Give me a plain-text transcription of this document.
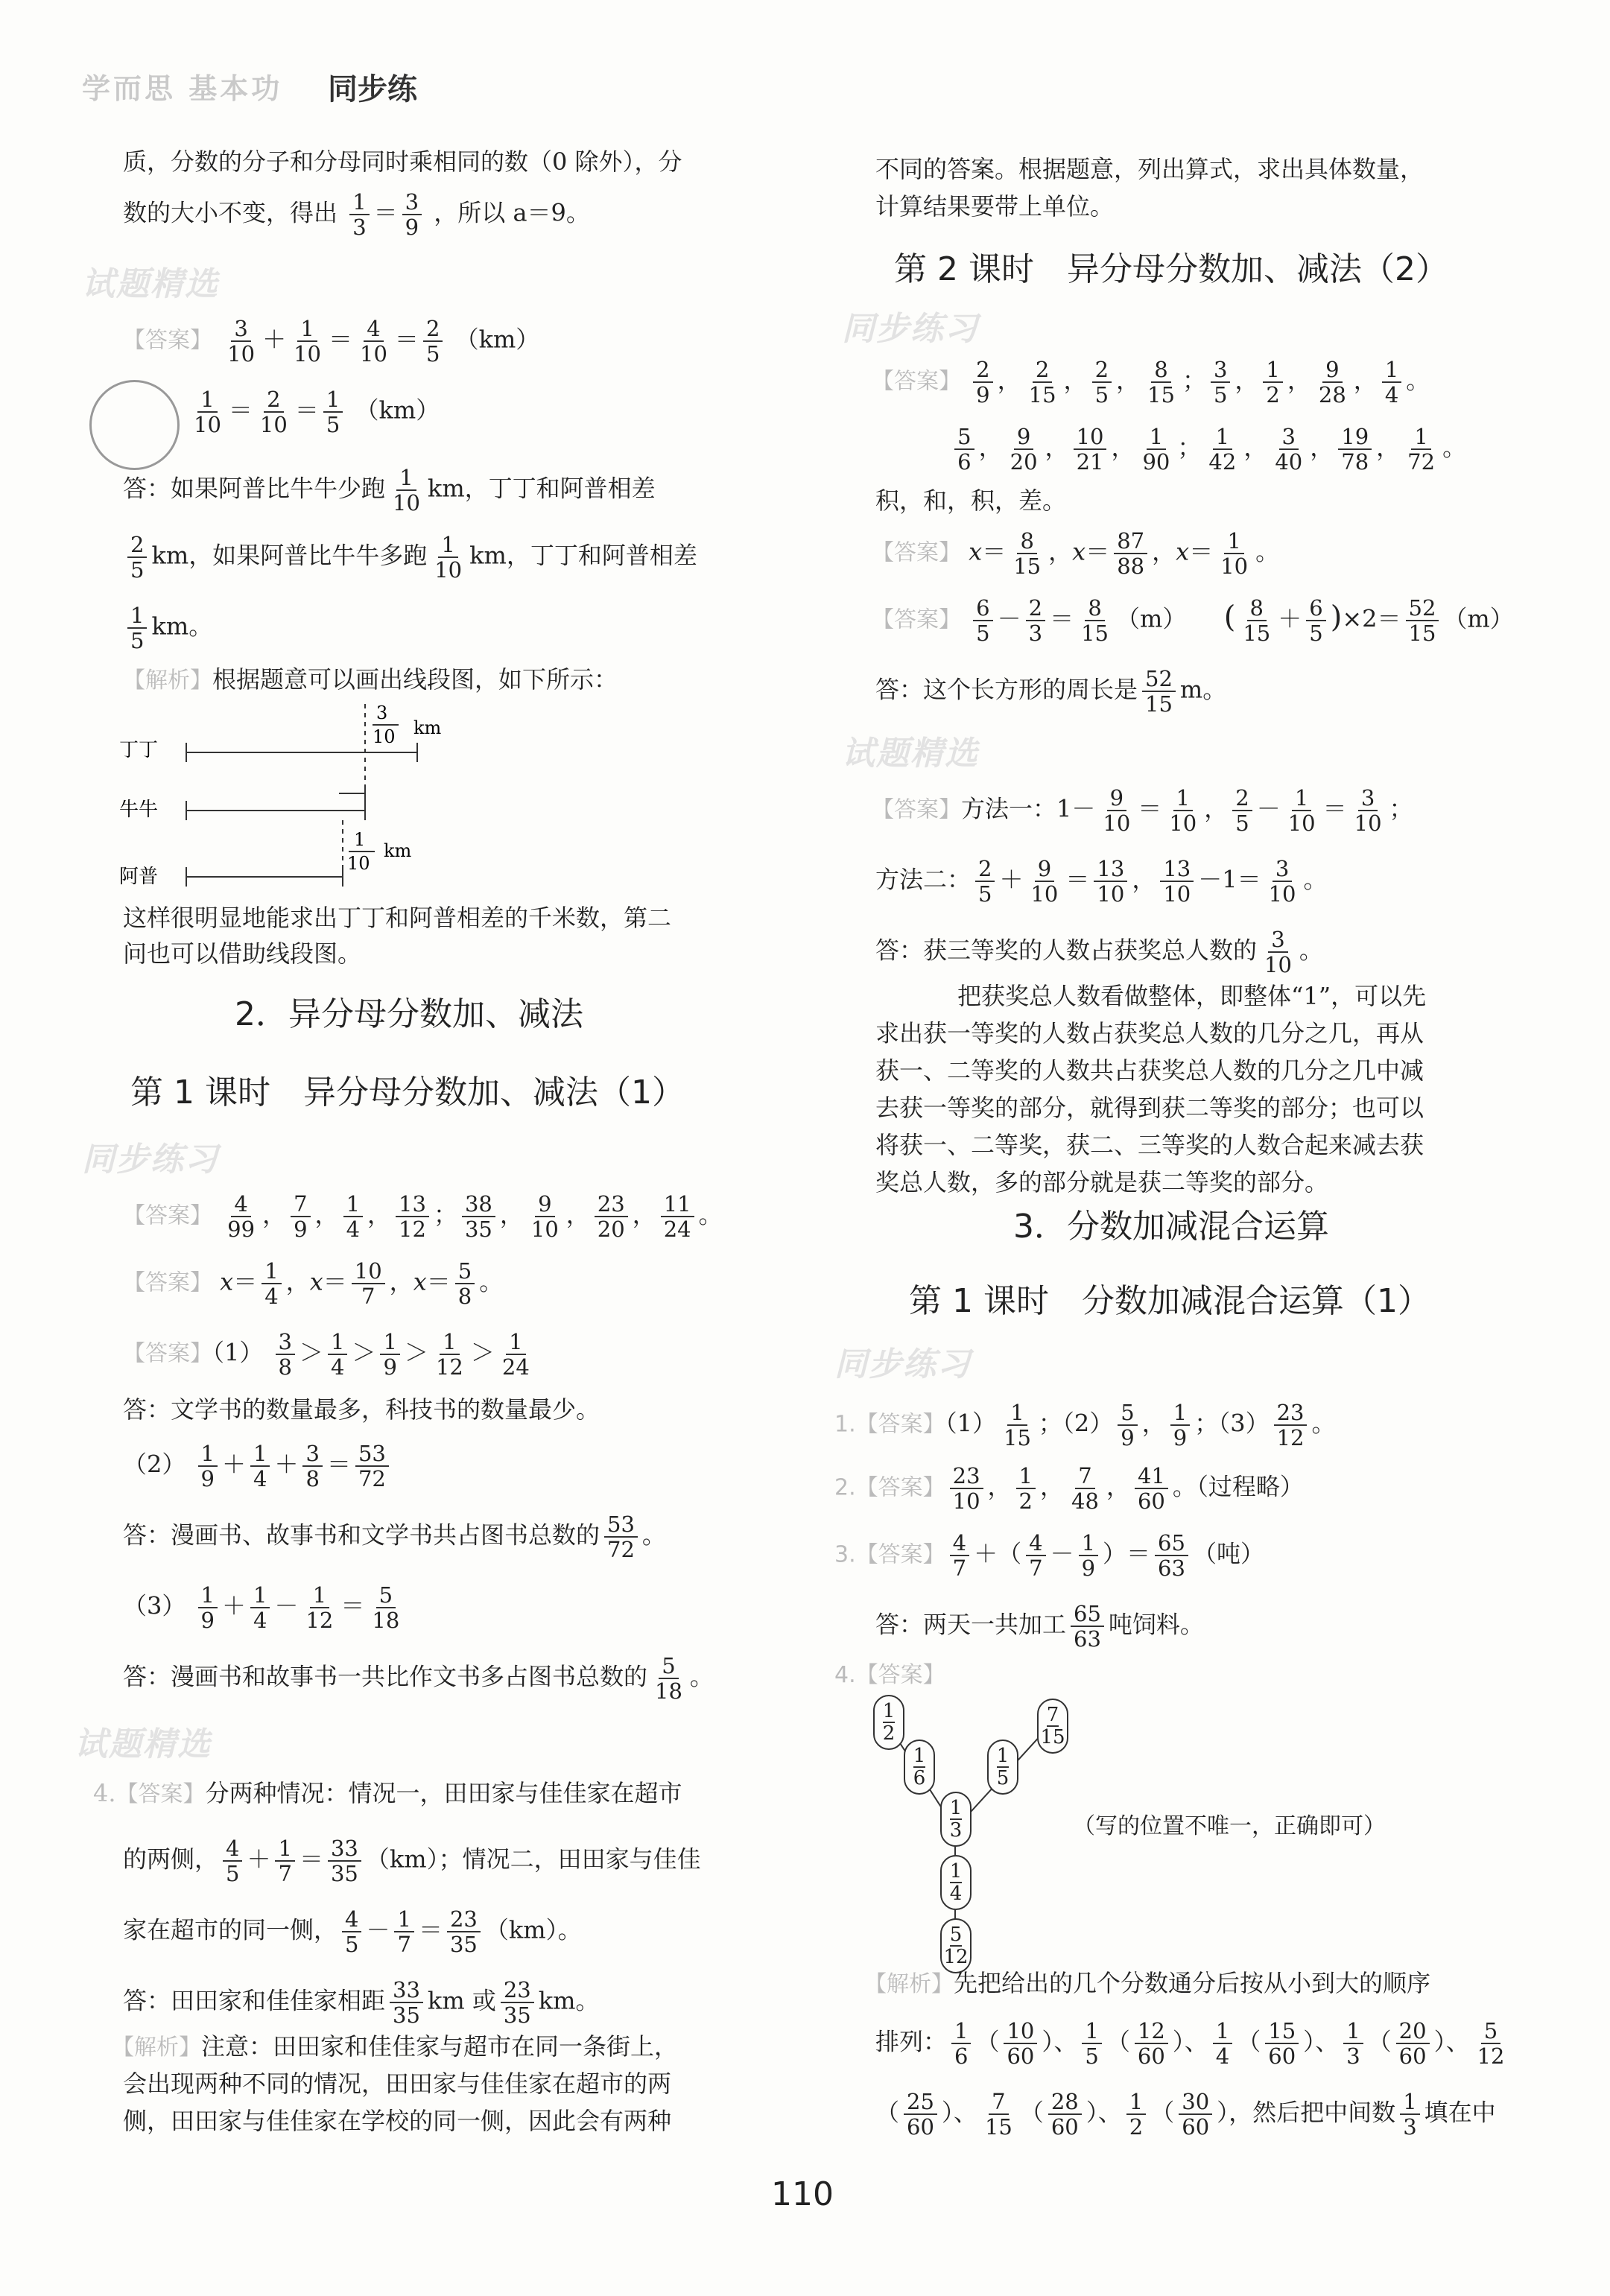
学而思 基本功 同步练
质，分数的分子和分母同时乘相同的数（0 除外），分
数的大小不变，得出 $\frac{1}{3} = \frac{3}{9}$ ，所以 a＝9。
试题精选
【答案】 $\frac{3}{10} + \frac{1}{10} = \frac{4}{10} = \frac{2}{5} (km)$
$\frac{1}{10} = \frac{2}{10} = \frac{1}{5} (km)$
答：如果阿普比牛牛少跑 $\frac{1}{10}$ km，丁丁和阿普相差
$\frac{2}{5}$ km，如果阿普比牛牛多跑 $\frac{1}{10}$ km，丁丁和阿普相差
$\frac{1}{5}$ km。
【解析】根据题意可以画出线段图，如下所示：
丁丁
牛牛
阿普
3
10 km
1
10
km
这样很明显地能求出丁丁和阿普相差的千米数，第二
问也可以借助线段图。
2．异分母分数加、减法
第 1 课时　异分母分数加、减法（1）
同步练习
【答案】 $\frac{4}{99}$ ， $\frac{7}{9}$ ， $\frac{1}{4}$ ， $\frac{13}{12}$ ； $\frac{38}{35}$ ， $\frac{9}{10}$ ， $\frac{23}{20}$ ， $\frac{11}{24}$ 。
【答案】 $x= \frac{1}{4}$ ，$x= \frac{10}{7}$ ，$x= \frac{5}{8}$ 。
【答案】$(1) \frac{3}{8} > \frac{1}{4} > \frac{1}{9} > \frac{1}{12} > \frac{1}{24}$
答：文学书的数量最多，科技书的数量最少。
$(2) \frac{1}{9} + \frac{1}{4} + \frac{3}{8} = \frac{53}{72}$
答：漫画书、故事书和文学书共占图书总数的 $\frac{53}{72}$ 。
$(3) \frac{1}{9} + \frac{1}{4} - \frac{1}{12} = \frac{5}{18}$
答：漫画书和故事书一共比作文书多占图书总数的 $\frac{5}{18}$ 。
试题精选
4.【答案】分两种情况：情况一，田田家与佳佳家在超市
的两侧， $\frac{4}{5} + \frac{1}{7} = \frac{33}{35} (km)$；情况二，田田家与佳佳
家在超市的同一侧， $\frac{4}{5} - \frac{1}{7} = \frac{23}{35} (km)$。
答：田田家和佳佳家相距 $\frac{33}{35}$ km 或 $\frac{23}{35}$ km。
【解析】注意：田田家和佳佳家与超市在同一条街上，
会出现两种不同的情况，田田家与佳佳家在超市的两
侧，田田家与佳佳家在学校的同一侧，因此会有两种
不同的答案。根据题意，列出算式，求出具体数量，
计算结果要带上单位。
第 2 课时　异分母分数加、减法（2）
同步练习
【答案】 $\frac{2}{9}$ ， $\frac{2}{15}$ ， $\frac{2}{5}$ ， $\frac{8}{15}$ ； $\frac{3}{5}$ ， $\frac{1}{2}$ ， $\frac{9}{28}$ ， $\frac{1}{4}$ 。

$\frac{5}{6}$ ， $\frac{9}{20}$ ， $\frac{10}{21}$ ， $\frac{1}{90}$ ； $\frac{1}{42}$ ， $\frac{3}{40}$ ， $\frac{19}{78}$ ， $\frac{1}{72}$ 。
积，和，积，差。
【答案】 $x= \frac{8}{15}$ ，$x= \frac{87}{88}$ ，$x= \frac{1}{10}$ 。
【答案】 $\frac{6}{5} - \frac{2}{3} = \frac{8}{15} (m)$ ( $\frac{8}{15} + \frac{6}{5} )\times 2= \frac{52}{15} (m)$
答：这个长方形的周长是 $\frac{52}{15}$ m。
试题精选
【答案】方法一：$1- \frac{9}{10} = \frac{1}{10}$ ， $\frac{2}{5} - \frac{1}{10} = \frac{3}{10}$ ；
方法二： $\frac{2}{5} + \frac{9}{10} = \frac{13}{10}$ ， $\frac{13}{10} -1= \frac{3}{10}$ 。
答：获三等奖的人数占获奖总人数的 $\frac{3}{10}$ 。
把获奖总人数看做整体，即整体“1”，可以先
求出获一等奖的人数占获奖总人数的几分之几，再从
获一、二等奖的人数共占获奖总人数的几分之几中减
去获一等奖的部分，就得到获二等奖的部分；也可以
将获一、二等奖，获二、三等奖的人数合起来减去获
奖总人数，多的部分就是获二等奖的部分。
3．分数加减混合运算
第 1 课时　分数加减混合运算（1）
同步练习
1.【答案】$(1) \frac{1}{15}$ ；$(2) \frac{5}{9}$ ， $\frac{1}{9}$ ；$(3) \frac{23}{12}$ 。
2.【答案】 $\frac{23}{10}$ ， $\frac{1}{2}$ ， $\frac{7}{48}$ ， $\frac{41}{60}$ 。（过程略）
3.【答案】 $\frac{4}{7}$ ＋（ $\frac{4}{7} - \frac{1}{9}$ ）＝ $\frac{65}{63}$ （吨）
答：两天一共加工 $\frac{65}{63}$ 吨饲料。
4.【答案】
1
2
1
6
1
3
7
15
1
5
1
4
5
12
（写的位置不唯一，正确即可）
【解析】先把给出的几个分数通分后按从小到大的顺序
排列： $\frac{1}{6}$ （ $\frac{10}{60}$ ）、 $\frac{1}{5}$ （ $\frac{12}{60}$ ）、 $\frac{1}{4}$ （ $\frac{15}{60}$ ）、 $\frac{1}{3}$ （ $\frac{20}{60}$ ）、 $\frac{5}{12}$
（ $\frac{25}{60}$ ）、 $\frac{7}{15}$ （ $\frac{28}{60}$ ）、 $\frac{1}{2}$ （ $\frac{30}{60}$ ），然后把中间数 $\frac{1}{3}$ 填在中
110
